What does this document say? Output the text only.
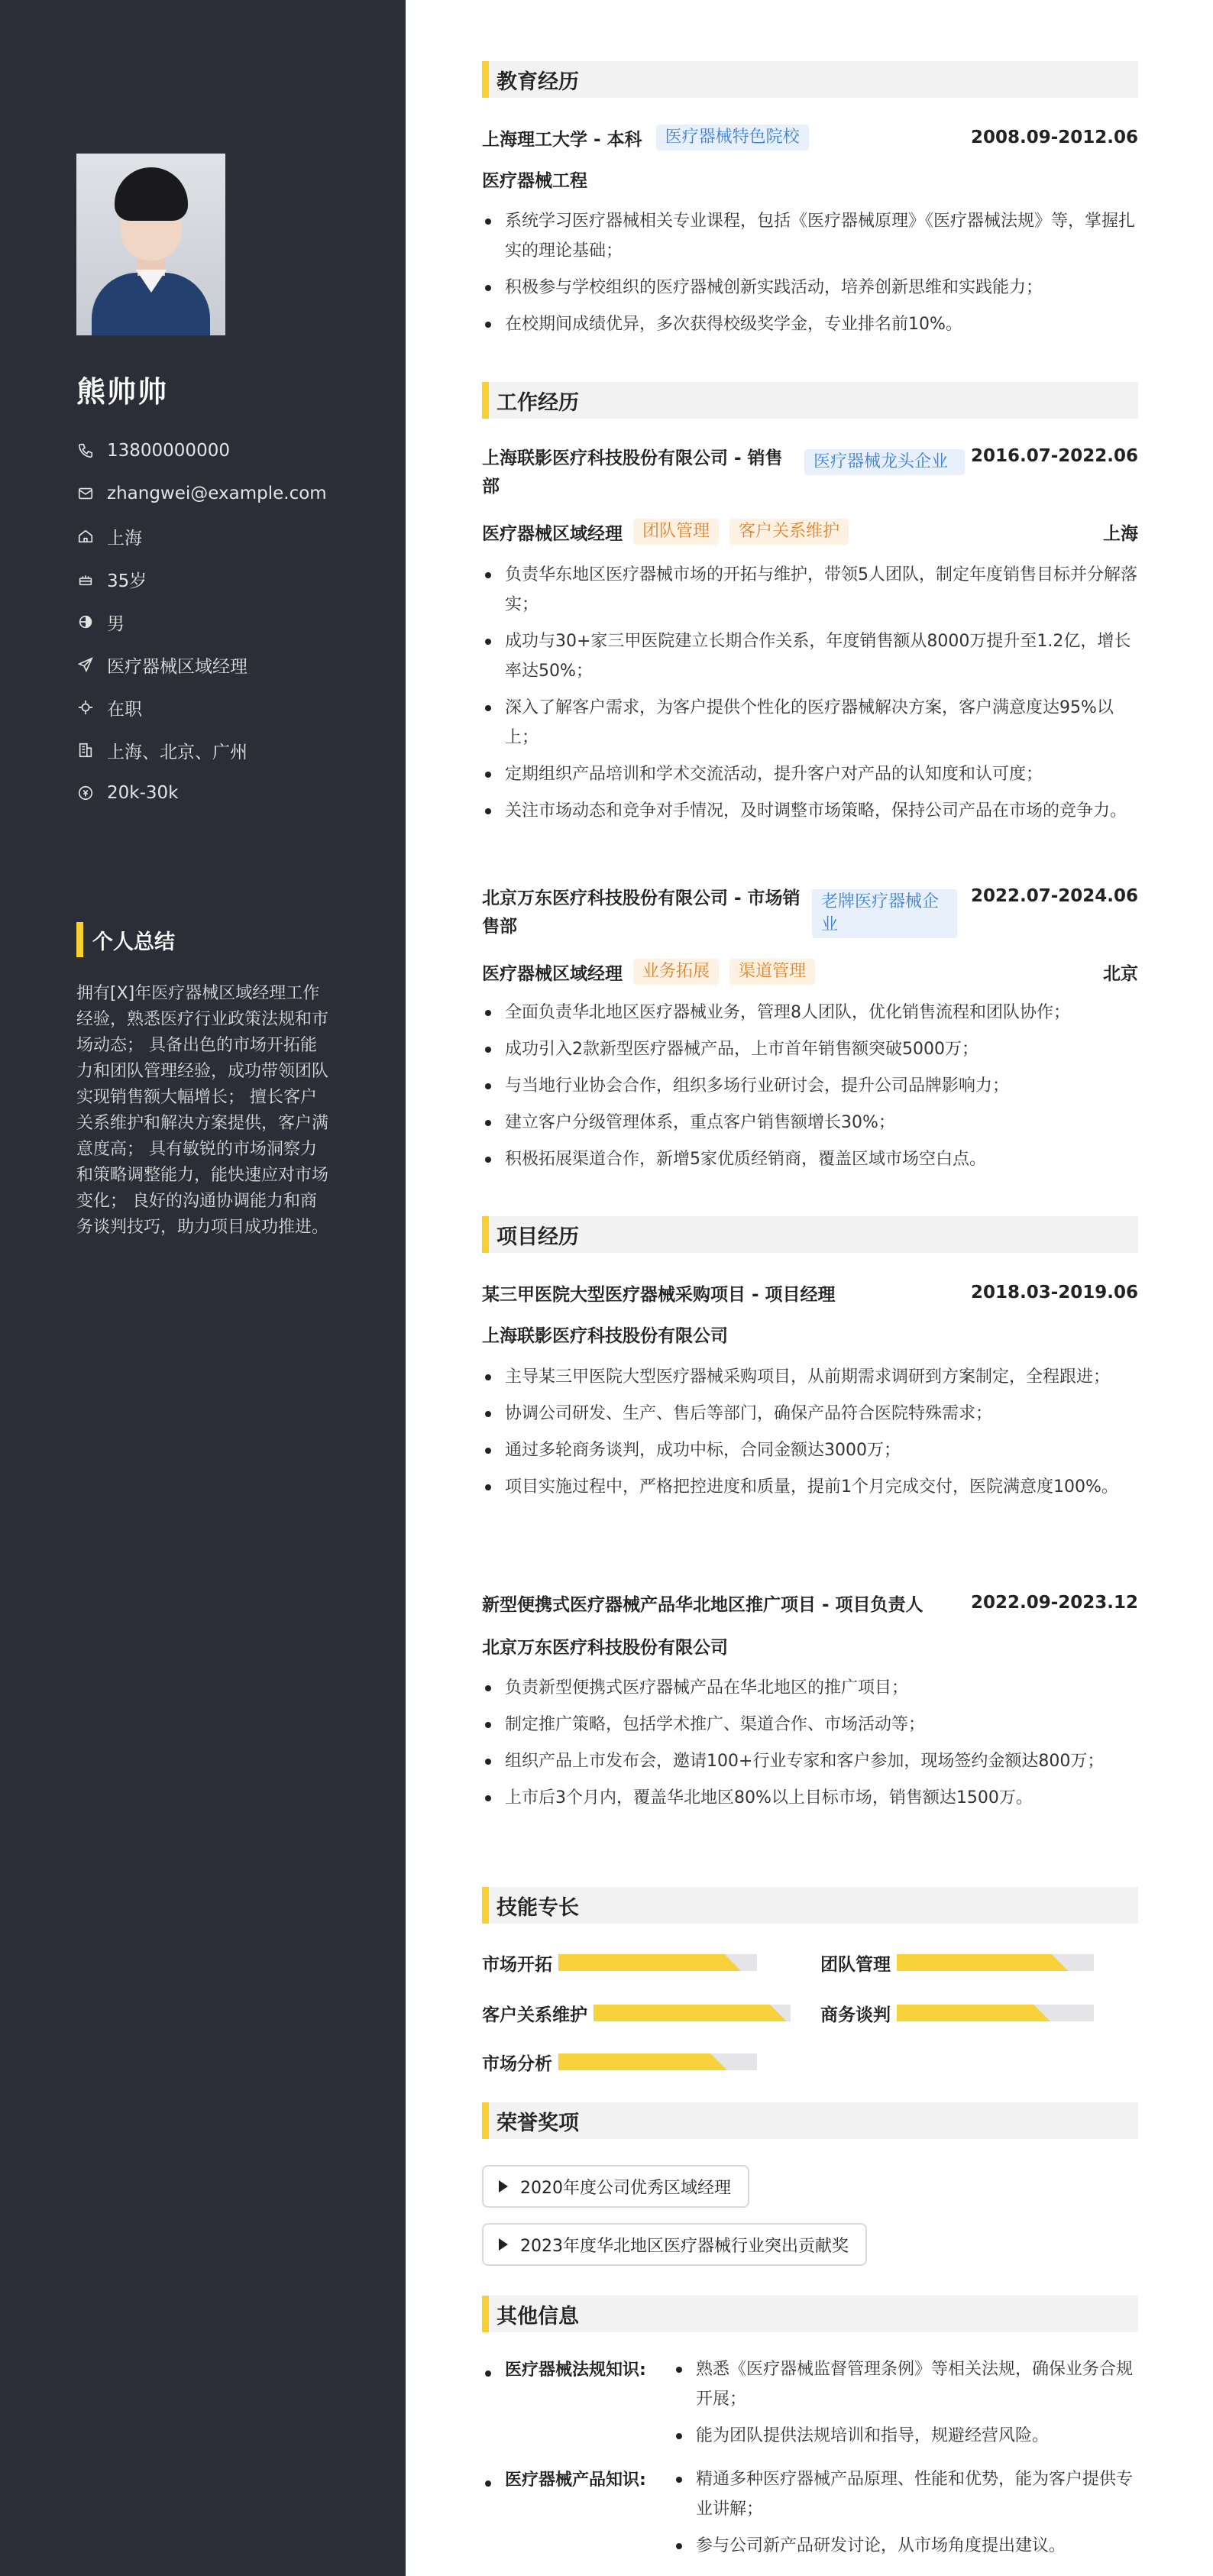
熊帅帅
13800000000
zhangwei@example.com
上海
35岁
男
医疗器械区域经理
在职
上海、北京、广州
20k-30k
个人总结
拥有[X]年医疗器械区域经理工作经验，熟悉医疗行业政策法规和市场动态； 具备出色的市场开拓能力和团队管理经验，成功带领团队实现销售额大幅增长； 擅长客户关系维护和解决方案提供，客户满意度高； 具有敏锐的市场洞察力和策略调整能力，能快速应对市场变化； 良好的沟通协调能力和商务谈判技巧，助力项目成功推进。
教育经历
上海理工大学 - 本科	医疗器械特色院校	2008.09-2012.06
医疗器械工程
系统学习医疗器械相关专业课程，包括《医疗器械原理》《医疗器械法规》等，掌握扎实的理论基础；
积极参与学校组织的医疗器械创新实践活动，培养创新思维和实践能力；
在校期间成绩优异，多次获得校级奖学金，专业排名前10%。
工作经历
上海联影医疗科技股份有限公司 - 销售部
医疗器械龙头企业	2016.07-2022.06
医疗器械区域经理	团队管理	客户关系维护	上海
负责华东地区医疗器械市场的开拓与维护，带领5人团队，制定年度销售目标并分解落实；
成功与30+家三甲医院建立长期合作关系，年度销售额从8000万提升至1.2亿，增长率达50%；
深入了解客户需求，为客户提供个性化的医疗器械解决方案，客户满意度达95%以上；
定期组织产品培训和学术交流活动，提升客户对产品的认知度和认可度；
关注市场动态和竞争对手情况，及时调整市场策略，保持公司产品在市场的竞争力。
北京万东医疗科技股份有限公司 - 市场销售部
老牌医疗器械企业
2022.07-2024.06
医疗器械区域经理	业务拓展	渠道管理	北京
全面负责华北地区医疗器械业务，管理8人团队，优化销售流程和团队协作；
成功引入2款新型医疗器械产品，上市首年销售额突破5000万；
与当地行业协会合作，组织多场行业研讨会，提升公司品牌影响力；
建立客户分级管理体系，重点客户销售额增长30%；
积极拓展渠道合作，新增5家优质经销商，覆盖区域市场空白点。
项目经历
某三甲医院大型医疗器械采购项目 - 项目经理	2018.03-2019.06
上海联影医疗科技股份有限公司
主导某三甲医院大型医疗器械采购项目，从前期需求调研到方案制定，全程跟进；
协调公司研发、生产、售后等部门，确保产品符合医院特殊需求；
通过多轮商务谈判，成功中标，合同金额达3000万；
项目实施过程中，严格把控进度和质量，提前1个月完成交付，医院满意度100%。
新型便携式医疗器械产品华北地区推广项目 - 项目负责人	2022.09-2023.12
北京万东医疗科技股份有限公司
负责新型便携式医疗器械产品在华北地区的推广项目；
制定推广策略，包括学术推广、渠道合作、市场活动等；
组织产品上市发布会，邀请100+行业专家和客户参加，现场签约金额达800万；
上市后3个月内，覆盖华北地区80%以上目标市场，销售额达1500万。
技能专长
市场开拓	团队管理
客户关系维护	商务谈判
市场分析
荣誉奖项
2020年度公司优秀区域经理
2023年度华北地区医疗器械行业突出贡献奖
其他信息
医疗器械法规知识:	熟悉《医疗器械监督管理条例》等相关法规，确保业务合规开展；
能为团队提供法规培训和指导，规避经营风险。
医疗器械产品知识:	精通多种医疗器械产品原理、性能和优势，能为客户提供专业讲解；
参与公司新产品研发讨论，从市场角度提出建议。
